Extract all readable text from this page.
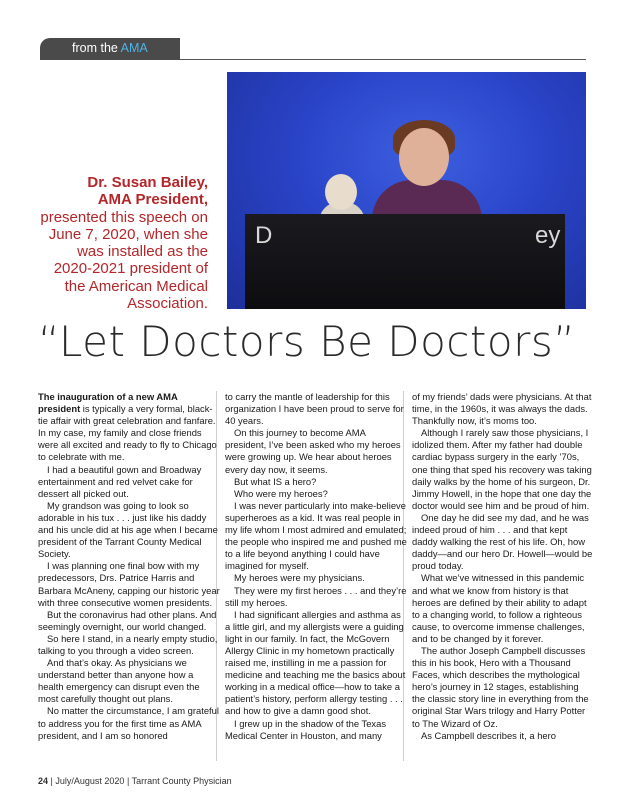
from the AMA
D	ey
Dr. Susan Bailey,
AMA President, presented this speech on June 7, 2020, when she was installed as the 2020-2021 president of the American Medical Association.
“Let Doctors Be Doctors”

The inauguration of a new AMA president is typically a very formal, black-tie affair with great celebration and fanfare. In my case, my family and close friends were all excited and ready to fly to Chicago to celebrate with me.

I had a beautiful gown and Broadway entertainment and red velvet cake for dessert all picked out.

My grandson was going to look so adorable in his tux . . . just like his daddy and his uncle did at his age when I became president of the Tarrant County Medical Society.

I was planning one final bow with my predecessors, Drs. Patrice Harris and Barbara McAneny, capping our historic year with three consecutive women presidents.

But the coronavirus had other plans. And seemingly overnight, our world changed.

So here I stand, in a nearly empty studio, talking to you through a video screen.

And that’s okay. As physicians we understand better than anyone how a health emergency can disrupt even the most carefully thought out plans.

No matter the circumstance, I am grateful to address you for the first time as AMA president, and I am so honored

to carry the mantle of leadership for this organization I have been proud to serve for 40 years.

On this journey to become AMA president, I’ve been asked who my heroes were growing up. We hear about heroes every day now, it seems.

But what IS a hero?

Who were my heroes?

I was never particularly into make-believe superheroes as a kid. It was real people in my life whom I most admired and emulated; the people who inspired me and pushed me to a life beyond anything I could have imagined for myself.

My heroes were my physicians.

They were my first heroes . . . and they’re still my heroes.

I had significant allergies and asthma as a little girl, and my allergists were a guiding light in our family. In fact, the McGovern Allergy Clinic in my hometown practically raised me, instilling in me a passion for medicine and teaching me the basics about working in a medical office—how to take a patient’s history, perform allergy testing . . . and how to give a damn good shot.

I grew up in the shadow of the Texas Medical Center in Houston, and many

of my friends’ dads were physicians. At that time, in the 1960s, it was always the dads. Thankfully now, it’s moms too.

Although I rarely saw those physicians, I idolized them. After my father had double cardiac bypass surgery in the early ’70s, one thing that sped his recovery was taking daily walks by the home of his surgeon, Dr. Jimmy Howell, in the hope that one day the doctor would see him and be proud of him.

One day he did see my dad, and he was indeed proud of him . . . and that kept daddy walking the rest of his life. Oh, how daddy—and our hero Dr. Howell—would be proud today.

What we’ve witnessed in this pandemic and what we know from history is that heroes are defined by their ability to adapt to a changing world, to follow a righteous cause, to overcome immense challenges, and to be changed by it forever.

The author Joseph Campbell discusses this in his book, Hero with a Thousand Faces, which describes the mythological hero’s journey in 12 stages, establishing the classic story line in everything from the original Star Wars trilogy and Harry Potter to The Wizard of Oz.

As Campbell describes it, a hero

24 | July/August 2020 | Tarrant County Physician
